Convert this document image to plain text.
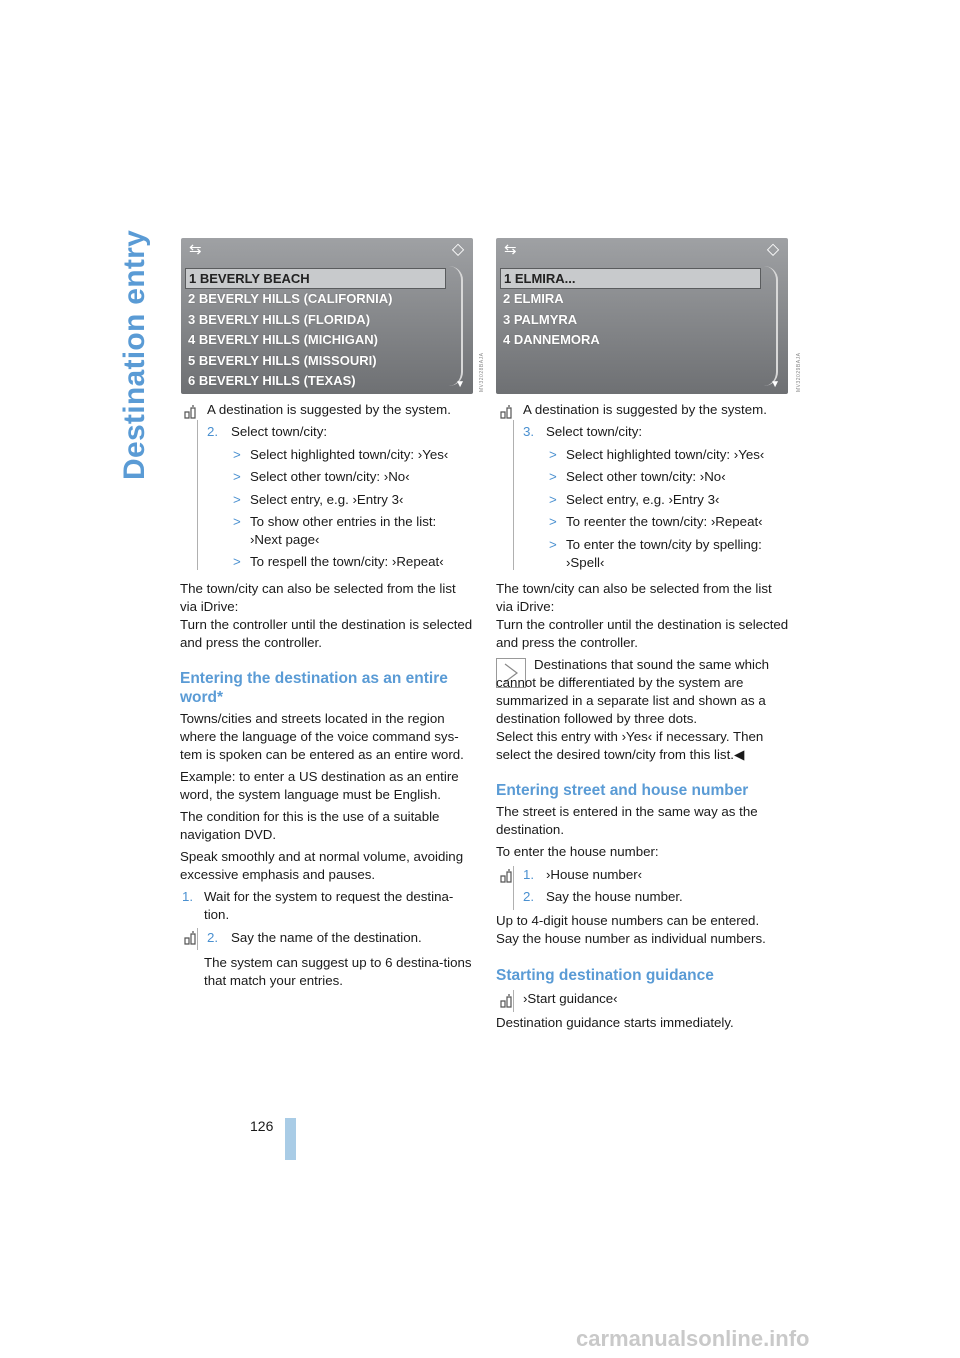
Destination entry	⇆	◇
1 BEVERLY BEACH
2 BEVERLY HILLS (CALIFORNIA)
3 BEVERLY HILLS (FLORIDA)
4 BEVERLY HILLS (MICHIGAN)
5 BEVERLY HILLS (MISSOURI)
6 BEVERLY HILLS (TEXAS)	▼	MV32028BAJA
⇆	◇
1 ELMIRA...
2 ELMIRA
3 PALMYRA
4 DANNEMORA
▼	MV32029BAJA
A destination is suggested by the system.
2. Select town/city:
> Select highlighted town/city: ›Yes‹
> Select other town/city: ›No‹
> Select entry, e.g. ›Entry 3‹
> To show other entries in the list:
›Next page‹
> To respell the town/city: ›Repeat‹
The town/city can also be selected from the list via iDrive:
Turn the controller until the destination is selected and press the controller.
Entering the destination as an entire word*
Towns/cities and streets located in the region where the language of the voice command sys-tem is spoken can be entered as an entire word.
Example: to enter a US destination as an entire word, the system language must be English.
The condition for this is the use of a suitable navigation DVD.
Speak smoothly and at normal volume, avoiding excessive emphasis and pauses.
1. Wait for the system to request the destina-tion.
2. Say the name of the destination.
The system can suggest up to 6 destina-tions that match your entries.
A destination is suggested by the system.
3. Select town/city:
> Select highlighted town/city: ›Yes‹
> Select other town/city: ›No‹
> Select entry, e.g. ›Entry 3‹
> To reenter the town/city: ›Repeat‹
> To enter the town/city by spelling:
›Spell‹
The town/city can also be selected from the list via iDrive:
Turn the controller until the destination is selected and press the controller.
Destinations that sound the same which cannot be differentiated by the system are summarized in a separate list and shown as a destination followed by three dots.
Select this entry with ›Yes‹ if necessary. Then select the desired town/city from this list.◀
Entering street and house number
The street is entered in the same way as the destination.
To enter the house number:
1. ›House number‹
2. Say the house number.
Up to 4-digit house numbers can be entered.
Say the house number as individual numbers.
Starting destination guidance
›Start guidance‹
Destination guidance starts immediately.
126
carmanualsonline.info
